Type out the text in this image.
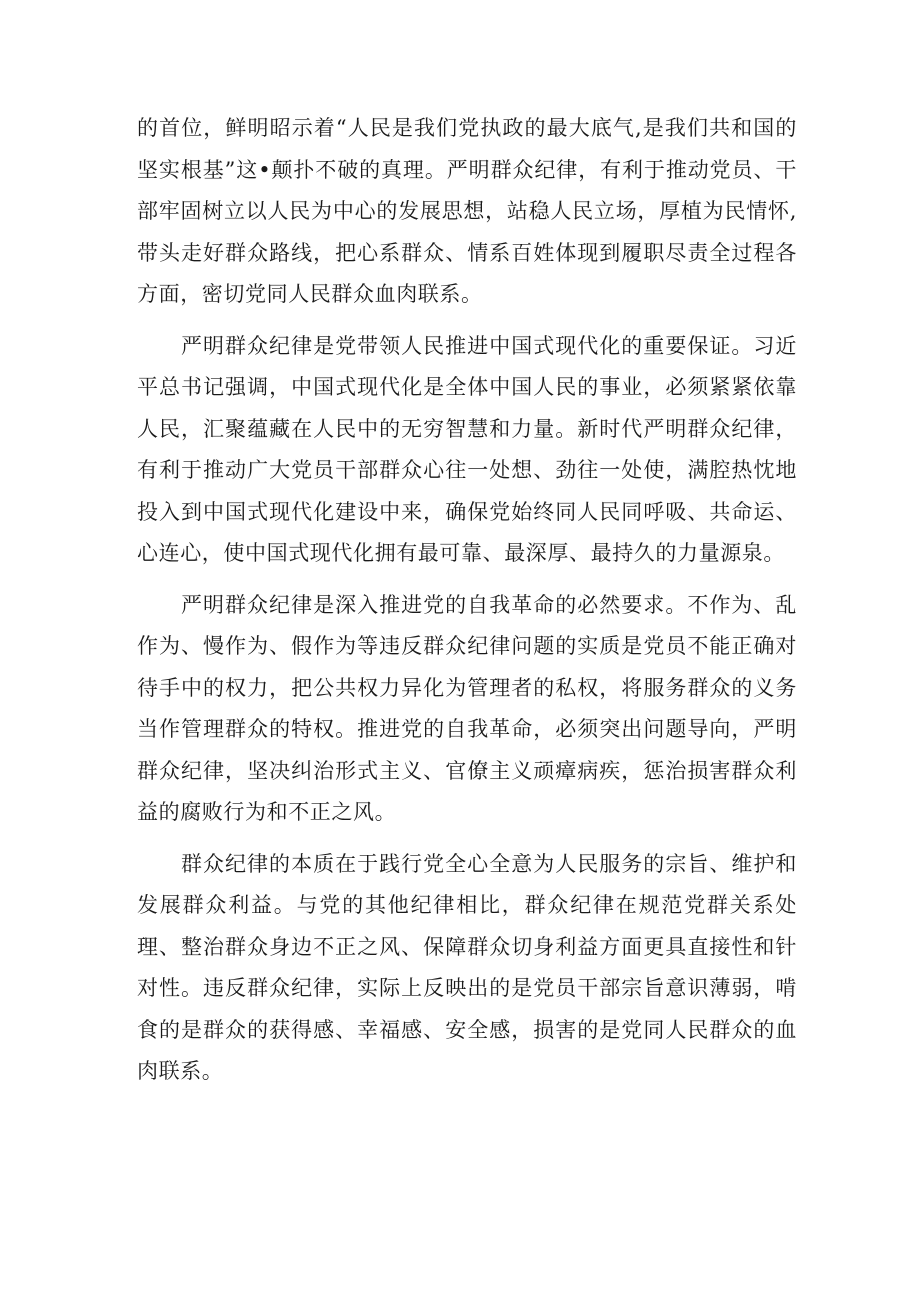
的首位，鲜明昭示着“人民是我们党执政的最大底气,是我们共和国的坚实根基”这•颠扑不破的真理。严明群众纪律，有利于推动党员、干部牢固树立以人民为中心的发展思想，站稳人民立场，厚植为民情怀,带头走好群众路线，把心系群众、情系百姓体现到履职尽责全过程各方面，密切党同人民群众血肉联系。

严明群众纪律是党带领人民推进中国式现代化的重要保证。习近平总书记强调，中国式现代化是全体中国人民的事业，必须紧紧依靠人民，汇聚蕴藏在人民中的无穷智慧和力量。新时代严明群众纪律，有利于推动广大党员干部群众心往一处想、劲往一处使，满腔热忱地投入到中国式现代化建设中来，确保党始终同人民同呼吸、共命运、心连心，使中国式现代化拥有最可靠、最深厚、最持久的力量源泉。

严明群众纪律是深入推进党的自我革命的必然要求。不作为、乱作为、慢作为、假作为等违反群众纪律问题的实质是党员不能正确对待手中的权力，把公共权力异化为管理者的私权，将服务群众的义务当作管理群众的特权。推进党的自我革命，必须突出问题导向，严明群众纪律，坚决纠治形式主义、官僚主义顽瘴病疾，惩治损害群众利益的腐败行为和不正之风。

群众纪律的本质在于践行党全心全意为人民服务的宗旨、维护和发展群众利益。与党的其他纪律相比，群众纪律在规范党群关系处理、整治群众身边不正之风、保障群众切身利益方面更具直接性和针对性。违反群众纪律，实际上反映出的是党员干部宗旨意识薄弱，啃食的是群众的获得感、幸福感、安全感，损害的是党同人民群众的血肉联系。
